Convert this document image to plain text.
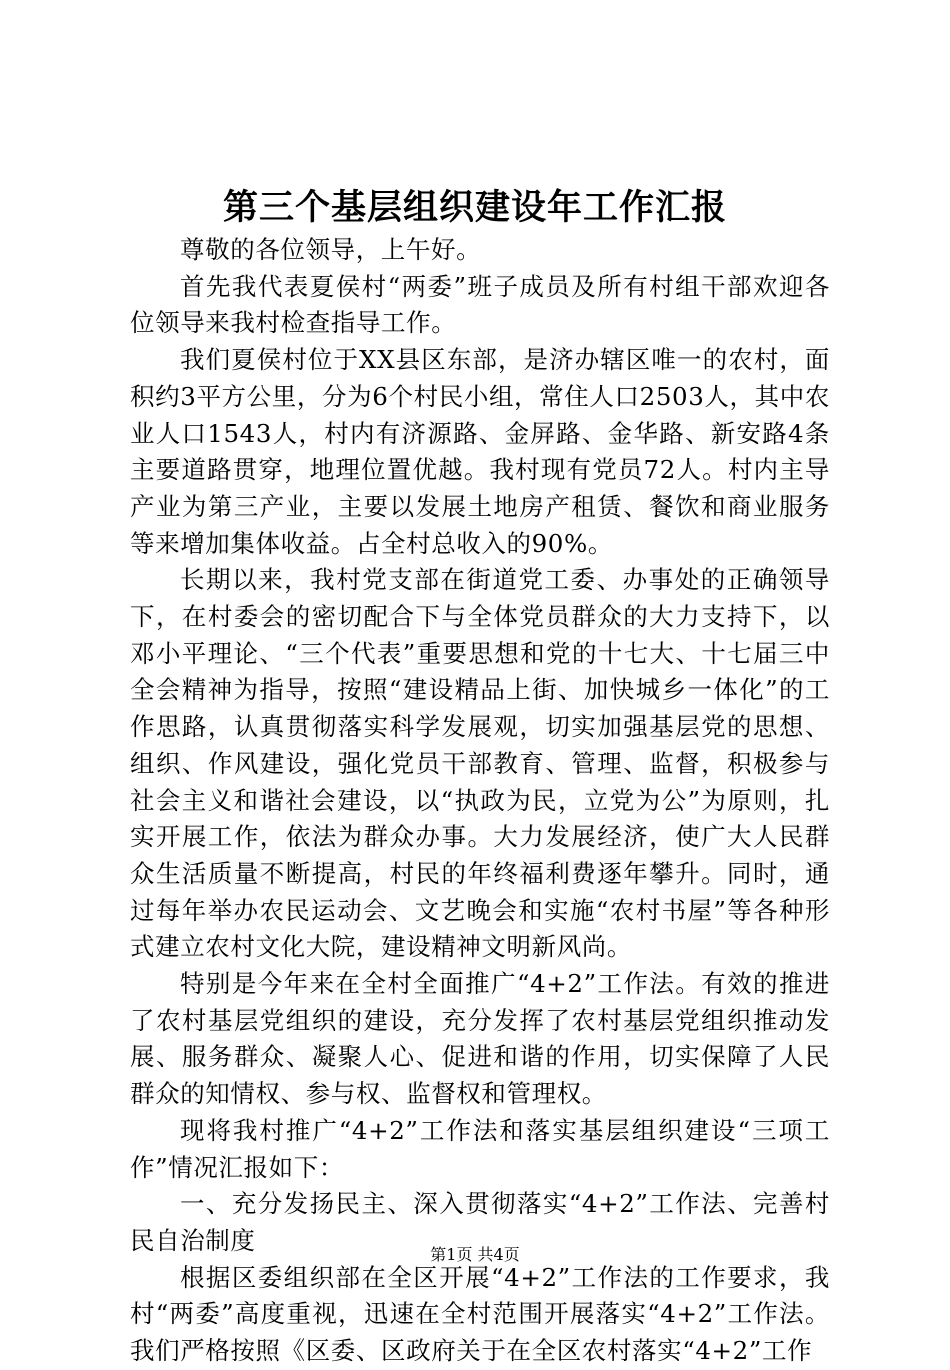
第三个基层组织建设年工作汇报

尊敬的各位领导，上午好。

首先我代表夏侯村“两委”班子成员及所有村组干部欢迎各位领导来我村检查指导工作。

我们夏侯村位于XX县区东部，是济办辖区唯一的农村，面积约3平方公里，分为6个村民小组，常住人口2503人，其中农业人口1543人，村内有济源路、金屏路、金华路、新安路4条主要道路贯穿，地理位置优越。我村现有党员72人。村内主导产业为第三产业，主要以发展土地房产租赁、餐饮和商业服务等来增加集体收益。占全村总收入的90%。

长期以来，我村党支部在街道党工委、办事处的正确领导下，在村委会的密切配合下与全体党员群众的大力支持下，以邓小平理论、“三个代表”重要思想和党的十七大、十七届三中全会精神为指导，按照“建设精品上街、加快城乡一体化”的工作思路，认真贯彻落实科学发展观，切实加强基层党的思想、组织、作风建设，强化党员干部教育、管理、监督，积极参与社会主义和谐社会建设，以“执政为民，立党为公”为原则，扎实开展工作，依法为群众办事。大力发展经济，使广大人民群众生活质量不断提高，村民的年终福利费逐年攀升。同时，通过每年举办农民运动会、文艺晚会和实施“农村书屋”等各种形式建立农村文化大院，建设精神文明新风尚。

特别是今年来在全村全面推广“4+2”工作法。有效的推进了农村基层党组织的建设，充分发挥了农村基层党组织推动发展、服务群众、凝聚人心、促进和谐的作用，切实保障了人民群众的知情权、参与权、监督权和管理权。

现将我村推广“4+2”工作法和落实基层组织建设“三项工作”情况汇报如下：

一、充分发扬民主、深入贯彻落实“4+2”工作法、完善村民自治制度

根据区委组织部在全区开展“4+2”工作法的工作要求，我村“两委”高度重视，迅速在全村范围开展落实“4+2”工作法。我们严格按照《区委、区政府关于在全区农村落实“4+2”工作

第1页 共4页
